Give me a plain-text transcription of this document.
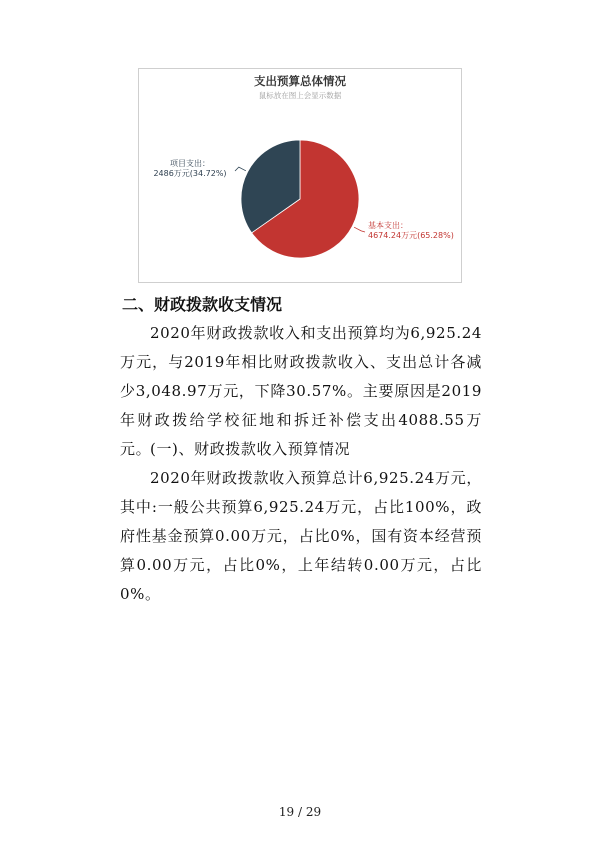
支出预算总体情况
鼠标放在图上会显示数据
项目支出：
2486万元(34.72%)
基本支出：
4674.24万元(65.28%)
二、财政拨款收支情况

2020年财政拨款收入和支出预算均为6,925.24万元，与2019年相比财政拨款收入、支出总计各减少3,048.97万元，下降30.57%。主要原因是2019年财政拨给学校征地和拆迁补偿支出4088.55万元。

(一)、财政拨款收入预算情况

2020年财政拨款收入预算总计6,925.24万元，其中:一般公共预算6,925.24万元，占比100%，政府性基金预算0.00万元，占比0%，国有资本经营预算0.00万元，占比0%，上年结转0.00万元，占比0%。

19 / 29
